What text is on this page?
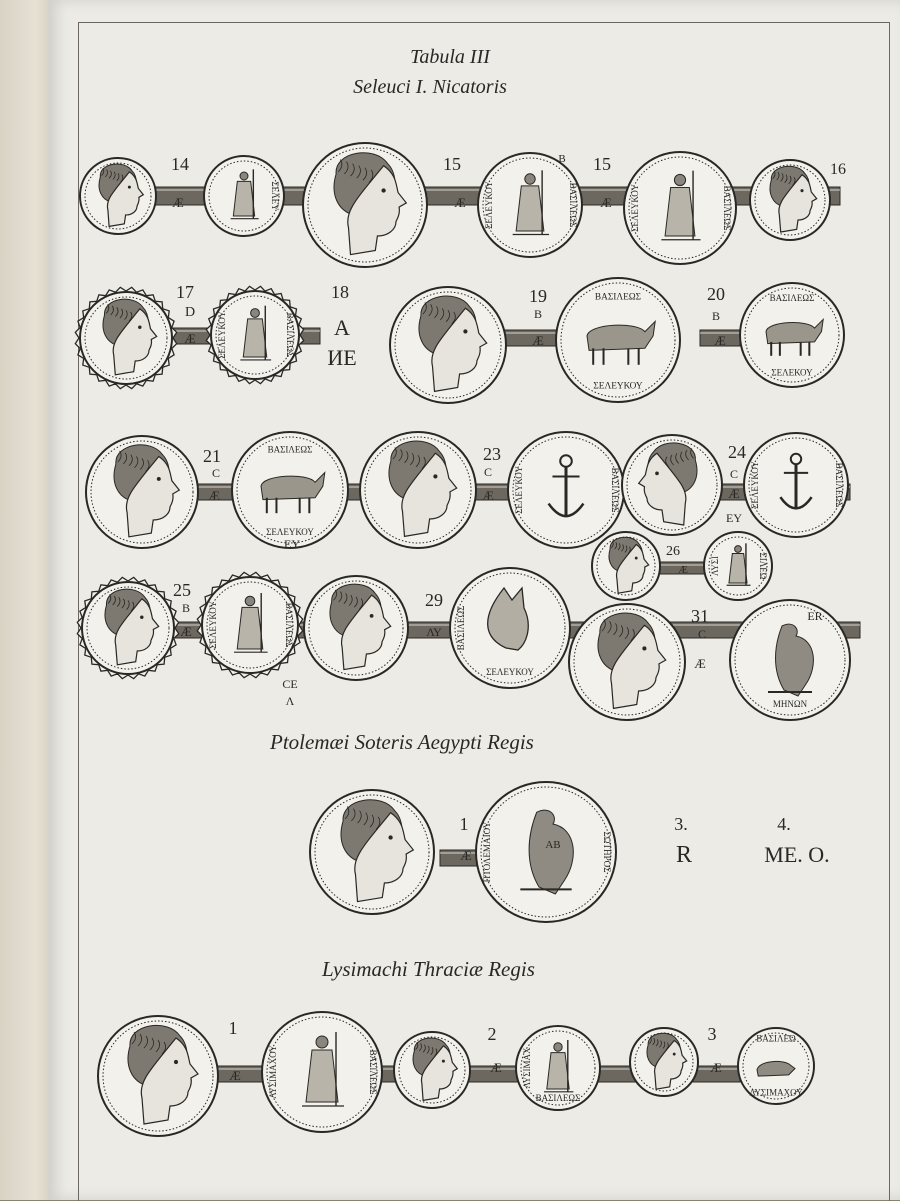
Tabula III
Seleuci I. Nicatoris
Ptolemæi Soteris Aegypti Regis
Lysimachi Thraciæ Regis
ΣΕΛΕΥ	ΣΕΛΕΥΚΟΥ	ΒΑΣΙΛΕΩΣ	ΣΕΛΕΥΚΟΥ	ΒΑΣΙΛΕΩΣ
14
Æ
15
Æ
15
Æ
16
B
ΣΕΛΕΥΚΟΥ	ΒΑΣΙΛΕΩΣ
ΒΑΣΙΛΕΩΣ
ΣΕΛΕΥΚΟΥ
ΒΑΣΙΛΕΩΣ
ΣΕΛΕΚΟΥ
17
D
Æ
18
A
ИE
19
B
Æ
20
B
Æ
ΒΑΣΙΛΕΩΣ
ΣΕΛΕΥΚΟΥ
ΣΕΛΕΥΚΟΥ	ΒΑΣΙΛΕΩΣ	ΣΕΛΕΥΚΟΥ	ΒΑΣΙΛΕΩΣ
21
C
Æ
23
C
Æ
24
C
Æ
EY
EY
ΛΥΣΙ	ΣΙΛΕΩ
26
Æ
ΣΕΛΕΥΚΟΥ	ΒΑΣΙΛΕΩΣ	ΒΑΣΙΛΕΩΣ
ΣΕΛΕΥΚΟΥ
ΜΗΝΩΝ
25
B
Æ
29
ΛΥ
31
C
Æ
ER
CE
Λ
ΠΤΟΛΕΜΑΙΟΥ	ΣΩΤΗΡΟΣ
1
Æ
AB
3.
R
4.
ME. O.
ΛΥΣΙΜΑΧΟΥ	ΒΑΣΙΛΕΩΣ	ΛΥΣΙΜΑΧ
ΒΑΣΙΛΕΩΣ
ΒΑΣΙΛΕΩ
ΛΥΣΙΜΑΧΟΥ
1
Æ
2
Æ
3
Æ
